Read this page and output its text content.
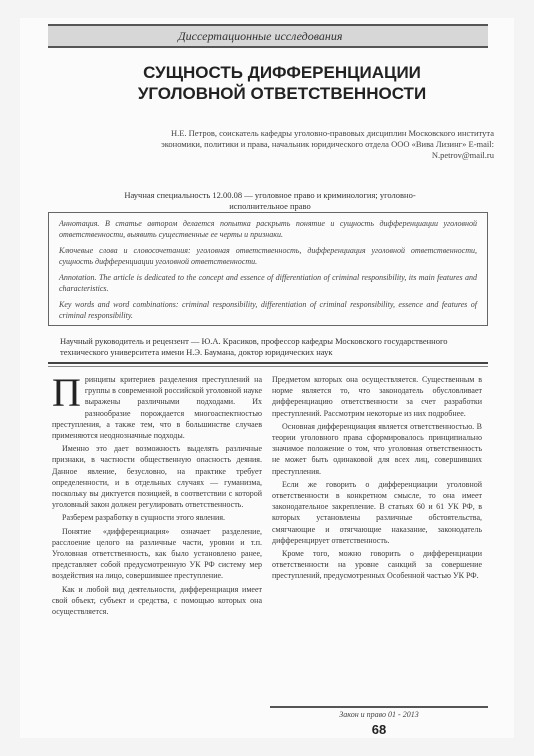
Диссертационные исследования
СУЩНОСТЬ ДИФФЕРЕНЦИАЦИИ УГОЛОВНОЙ ОТВЕТСТВЕННОСТИ
Н.Е. Петров, соискатель кафедры уголовно-правовых дисциплин Московского института экономики, политики и права, начальник юридического отдела ООО «Вива Лизинг» E-mail: N.petrov@mail.ru
Научная специальность 12.00.08 — уголовное право и криминология; уголовно-исполнительное право

Аннотация. В статье автором делается попытка раскрыть понятие и сущность дифференциации уголовной ответственности, выявить существенные ее черты и признаки.

Ключевые слова и словосочетания: уголовная ответственность, дифференциация уголовной ответственности, сущность дифференциации уголовной ответственности.

Annotation. The article is dedicated to the concept and essence of differentiation of criminal responsibility, its main features and characteristics.

Key words and word combinations: criminal responsibility, differentiation of criminal responsibility, essence and features of criminal responsibility.

Научный руководитель и рецензент — Ю.А. Красиков, профессор кафедры Московского государственного технического университета имени Н.Э. Баумана, доктор юридических наук
П ринципы критериев разделения преступлений на группы в современной российской уголовной науке выражены различными подходами. Их разнообразие порождается многоаспектностью преступления, а также тем, что в большинстве случаев применяются неоднозначные подходы.

Именно это дает возможность выделять различные признаки, в частности общественную опасность деяния. Данное явление, безусловно, на практике требует определенности, и в отдельных случаях — гуманизма, поскольку вы диктуется позицией, в соответствии с которой уголовный закон должен регулировать ответственность.

Разберем разработку в сущности этого явления.

Понятие «дифференциация» означает разделение, расслоение целого на различные части, уровни и т.п. Уголовная ответственность, как было установлено ранее, представляет собой предусмотренную УК РФ систему мер воздействия на лицо, совершившее преступление.

Как и любой вид деятельности, дифференциация имеет свой объект, субъект и средства, с помощью которых она осуществляется.

Предметом которых она осуществляется. Существенным в норме является то, что законодатель обусловливает дифференциацию ответственности за счет разработки преступлений. Рассмотрим некоторые из них подробнее.

Основная дифференциация является ответственностью. В теории уголовного права сформировалось принципиально значимое положение о том, что уголовная ответственность не может быть одинаковой для всех лиц, совершивших преступления.

Если же говорить о дифференциации уголовной ответственности в конкретном смысле, то она имеет законодательное закрепление. В статьях 60 и 61 УК РФ, в которых установлены различные обстоятельства, смягчающие и отягчающие наказание, законодатель дифференцирует ответственность.

Кроме того, можно говорить о дифференциации ответственности на уровне санкций за совершение преступлений, предусмотренных Особенной частью УК РФ.

Закон и право 01 - 2013
68
